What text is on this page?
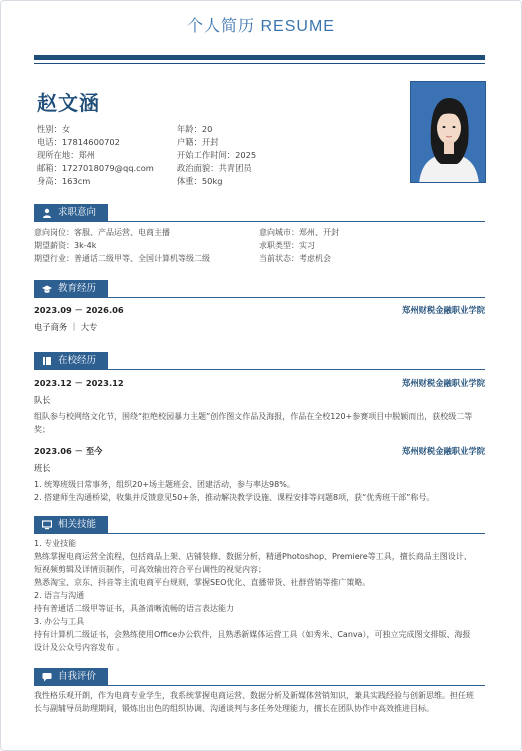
个人简历 RESUME
赵文涵
性别：女	年龄：20
电话：17814600702	户籍：开封
现所在地：郑州	开始工作时间：2025
邮箱：1727018079@qq.com	政治面貌：共青团员
身高：163cm	体重：50kg
求职意向
意向岗位：客服、产品运营、电商主播	意向城市：郑州、开封
期望薪资：3k-4k	求职类型：实习
期望行业：普通话二级甲等、全国计算机等级二级	当前状态：考虑机会
教育经历
2023.09 － 2026.06	郑州财税金融职业学院
电子商务 ｜ 大专
在校经历
2023.12 － 2023.12	郑州财税金融职业学院
队长
组队参与校网络文化节，围绕“拒绝校园暴力主题”创作图文作品及海报，作品在全校120+参赛项目中脱颖而出，获校级二等奖；
2023.06 － 至今	郑州财税金融职业学院
班长
1. 统筹班级日常事务，组织20+场主题班会、团建活动，参与率达98%。
2. 搭建师生沟通桥梁，收集并反馈意见50+条，推动解决教学设施、课程安排等问题8项，获“优秀班干部”称号。
相关技能
1. 专业技能
熟练掌握电商运营全流程，包括商品上架、店铺装修、数据分析，精通Photoshop、Premiere等工具，擅长商品主图设计、
短视频剪辑及详情页制作，可高效输出符合平台调性的视觉内容；
熟悉淘宝、京东、抖音等主流电商平台规则，掌握SEO优化、直播带货、社群营销等推广策略。
2. 语言与沟通
持有普通话二级甲等证书，具备清晰流畅的语言表达能力
3. 办公与工具
持有计算机二级证书，会熟练使用Office办公软件，且熟悉新媒体运营工具（如秀米、Canva），可独立完成图文排版、海报
设计及公众号内容发布 。
自我评价
我性格乐观开朗，作为电商专业学生，我系统掌握电商运营、数据分析及新媒体营销知识，兼具实践经验与创新思维。担任班
长与副辅导员助理期间，锻炼出出色的组织协调、沟通谈判与多任务处理能力，擅长在团队协作中高效推进目标。
